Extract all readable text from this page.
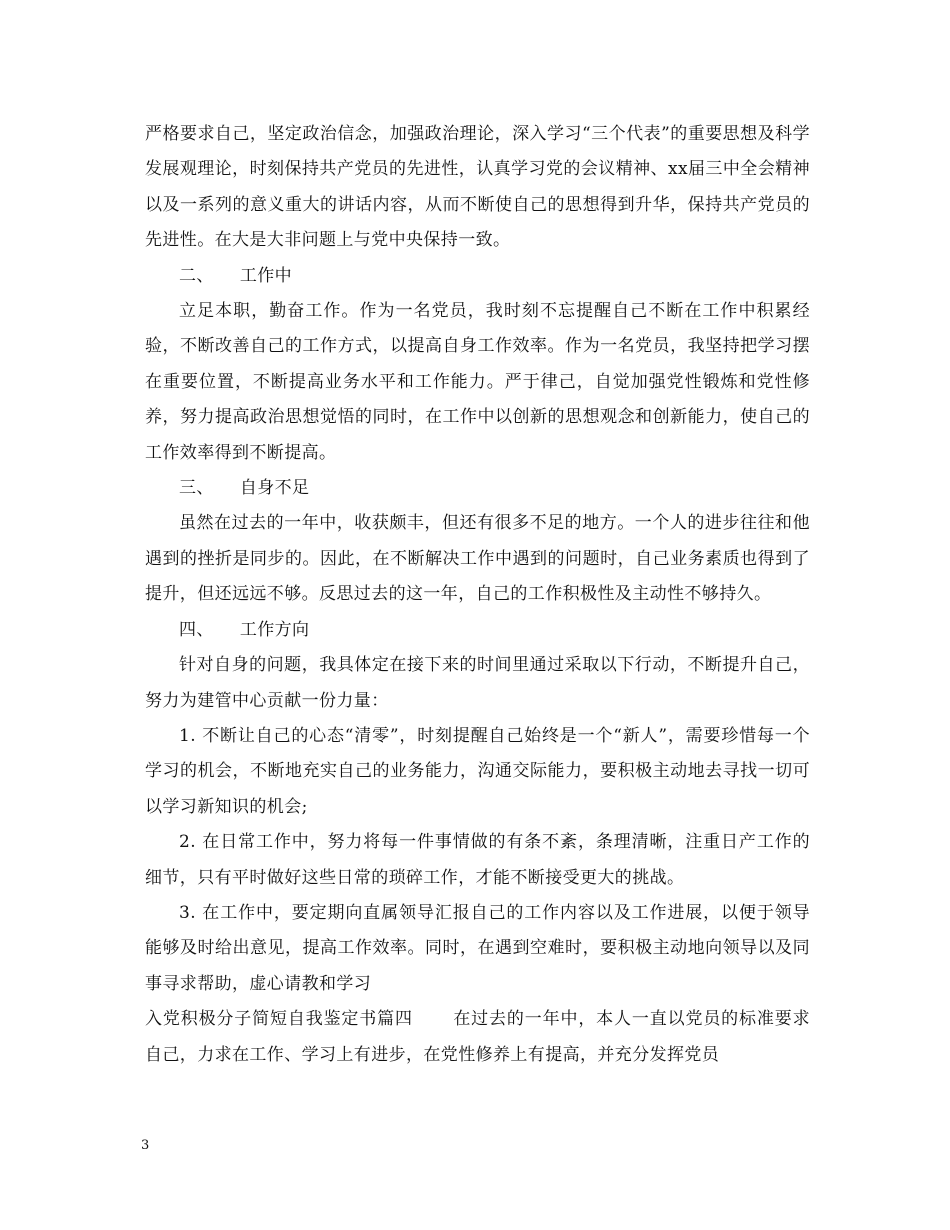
严格要求自己，坚定政治信念，加强政治理论，深入学习“三个代表”的重要思想及科学发展观理论，时刻保持共产党员的先进性，认真学习党的会议精神、xx届三中全会精神以及一系列的意义重大的讲话内容，从而不断使自己的思想得到升华，保持共产党员的先进性。在大是大非问题上与党中央保持一致。

二、 工作中

立足本职，勤奋工作。作为一名党员，我时刻不忘提醒自己不断在工作中积累经验，不断改善自己的工作方式，以提高自身工作效率。作为一名党员，我坚持把学习摆在重要位置，不断提高业务水平和工作能力。严于律己，自觉加强党性锻炼和党性修养，努力提高政治思想觉悟的同时，在工作中以创新的思想观念和创新能力，使自己的工作效率得到不断提高。

三、 自身不足

虽然在过去的一年中，收获颇丰，但还有很多不足的地方。一个人的进步往往和他遇到的挫折是同步的。因此，在不断解决工作中遇到的问题时，自己业务素质也得到了提升，但还远远不够。反思过去的这一年，自己的工作积极性及主动性不够持久。

四、 工作方向

针对自身的问题，我具体定在接下来的时间里通过采取以下行动，不断提升自己，努力为建管中心贡献一份力量：

1. 不断让自己的心态“清零”，时刻提醒自己始终是一个“新人”，需要珍惜每一个学习的机会，不断地充实自己的业务能力，沟通交际能力，要积极主动地去寻找一切可以学习新知识的机会;

2. 在日常工作中，努力将每一件事情做的有条不紊，条理清晰，注重日产工作的细节，只有平时做好这些日常的琐碎工作，才能不断接受更大的挑战。

3. 在工作中，要定期向直属领导汇报自己的工作内容以及工作进展，以便于领导能够及时给出意见，提高工作效率。同时，在遇到空难时，要积极主动地向领导以及同事寻求帮助，虚心请教和学习

入党积极分子简短自我鉴定书篇四 在过去的一年中，本人一直以党员的标准要求自己，力求在工作、学习上有进步，在党性修养上有提高，并充分发挥党员

3
